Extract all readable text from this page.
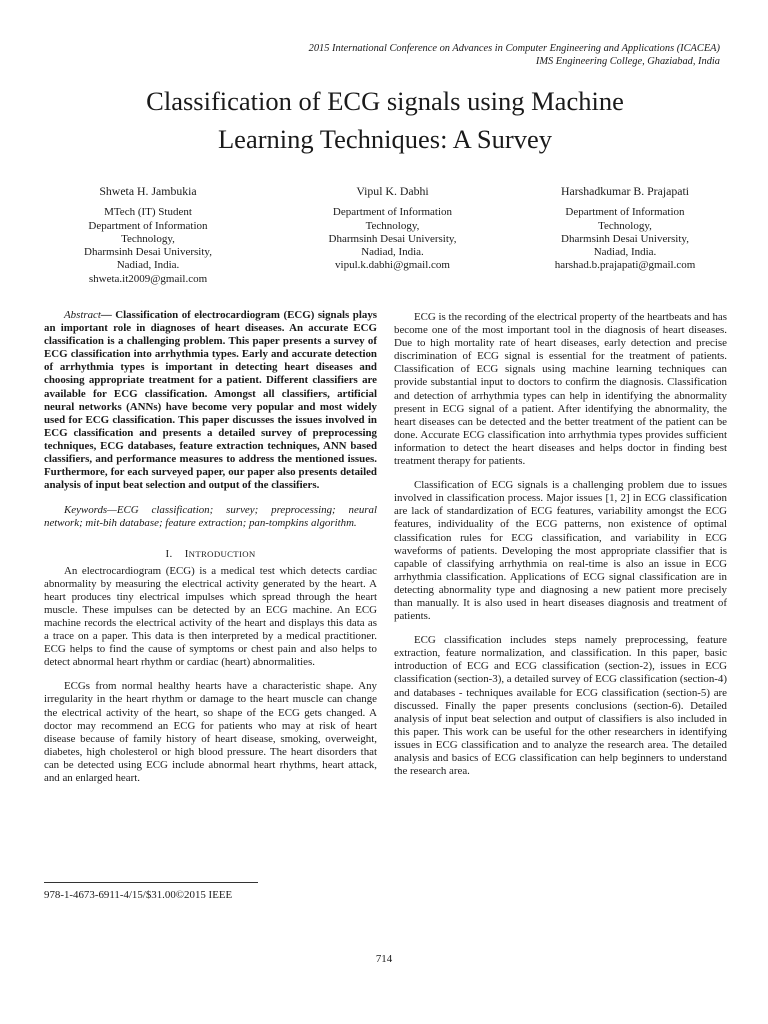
2015 International Conference on Advances in Computer Engineering and Applications (ICACEA)
IMS Engineering College, Ghaziabad, India
Classification of ECG signals using Machine
Learning Techniques: A Survey
Shweta H. Jambukia
MTech (IT) Student
Department of Information
Technology,
Dharmsinh Desai University,
Nadiad, India.
shweta.it2009@gmail.com
Vipul K. Dabhi
Department of Information
Technology,
Dharmsinh Desai University,
Nadiad, India.
vipul.k.dabhi@gmail.com
Harshadkumar B. Prajapati
Department of Information
Technology,
Dharmsinh Desai University,
Nadiad, India.
harshad.b.prajapati@gmail.com

Abstract— Classification of electrocardiogram (ECG) signals plays an important role in diagnoses of heart diseases. An accurate ECG classification is a challenging problem. This paper presents a survey of ECG classification into arrhythmia types. Early and accurate detection of arrhythmia types is important in detecting heart diseases and choosing appropriate treatment for a patient. Different classifiers are available for ECG classification. Amongst all classifiers, artificial neural networks (ANNs) have become very popular and most widely used for ECG classification. This paper discusses the issues involved in ECG classification and presents a detailed survey of preprocessing techniques, ECG databases, feature extraction techniques, ANN based classifiers, and performance measures to address the mentioned issues. Furthermore, for each surveyed paper, our paper also presents detailed analysis of input beat selection and output of the classifiers.

Keywords—ECG classification; survey; preprocessing; neural network; mit-bih database; feature extraction; pan-tompkins algorithm.

I. INTRODUCTION

An electrocardiogram (ECG) is a medical test which detects cardiac abnormality by measuring the electrical activity generated by the heart. A heart produces tiny electrical impulses which spread through the heart muscle. These impulses can be detected by an ECG machine. An ECG machine records the electrical activity of the heart and displays this data as a trace on a paper. This data is then interpreted by a medical practitioner. ECG helps to find the cause of symptoms or chest pain and also helps to detect abnormal heart rhythm or cardiac (heart) abnormalities.

ECGs from normal healthy hearts have a characteristic shape. Any irregularity in the heart rhythm or damage to the heart muscle can change the electrical activity of the heart, so shape of the ECG gets changed. A doctor may recommend an ECG for patients who may at risk of heart disease because of family history of heart disease, smoking, overweight, diabetes, high cholesterol or high blood pressure. The heart disorders that can be detected using ECG include abnormal heart rhythms, heart attack, and an enlarged heart.

ECG is the recording of the electrical property of the heartbeats and has become one of the most important tool in the diagnosis of heart diseases. Due to high mortality rate of heart diseases, early detection and precise discrimination of ECG signal is essential for the treatment of patients. Classification of ECG signals using machine learning techniques can provide substantial input to doctors to confirm the diagnosis. Classification and detection of arrhythmia types can help in identifying the abnormality present in ECG signal of a patient. After identifying the abnormality, the heart diseases can be detected and the better treatment of the patient can be done. Accurate ECG classification into arrhythmia types provides sufficient information to detect the heart diseases and helps doctor in finding best treatment therapy for patients.

Classification of ECG signals is a challenging problem due to issues involved in classification process. Major issues [1, 2] in ECG classification are lack of standardization of ECG features, variability amongst the ECG features, individuality of the ECG patterns, non existence of optimal classification rules for ECG classification, and variability in ECG waveforms of patients. Developing the most appropriate classifier that is capable of classifying arrhythmia on real-time is also an issue in ECG arrhythmia classification. Applications of ECG signal classification are in detecting abnormality type and diagnosing a new patient more precisely than manually. It is also used in heart diseases diagnosis and treatment of patients.

ECG classification includes steps namely preprocessing, feature extraction, feature normalization, and classification. In this paper, basic introduction of ECG and ECG classification (section-2), issues in ECG classification (section-3), a detailed survey of ECG classification (section-4) and databases - techniques available for ECG classification (section-5) are discussed. Finally the paper presents conclusions (section-6). Detailed analysis of input beat selection and output of classifiers is also included in this paper. This work can be useful for the other researchers in identifying issues in ECG classification and to analyze the research area. The detailed analysis and basics of ECG classification can help beginners to understand the research area.

978-1-4673-6911-4/15/$31.00©2015 IEEE
714
